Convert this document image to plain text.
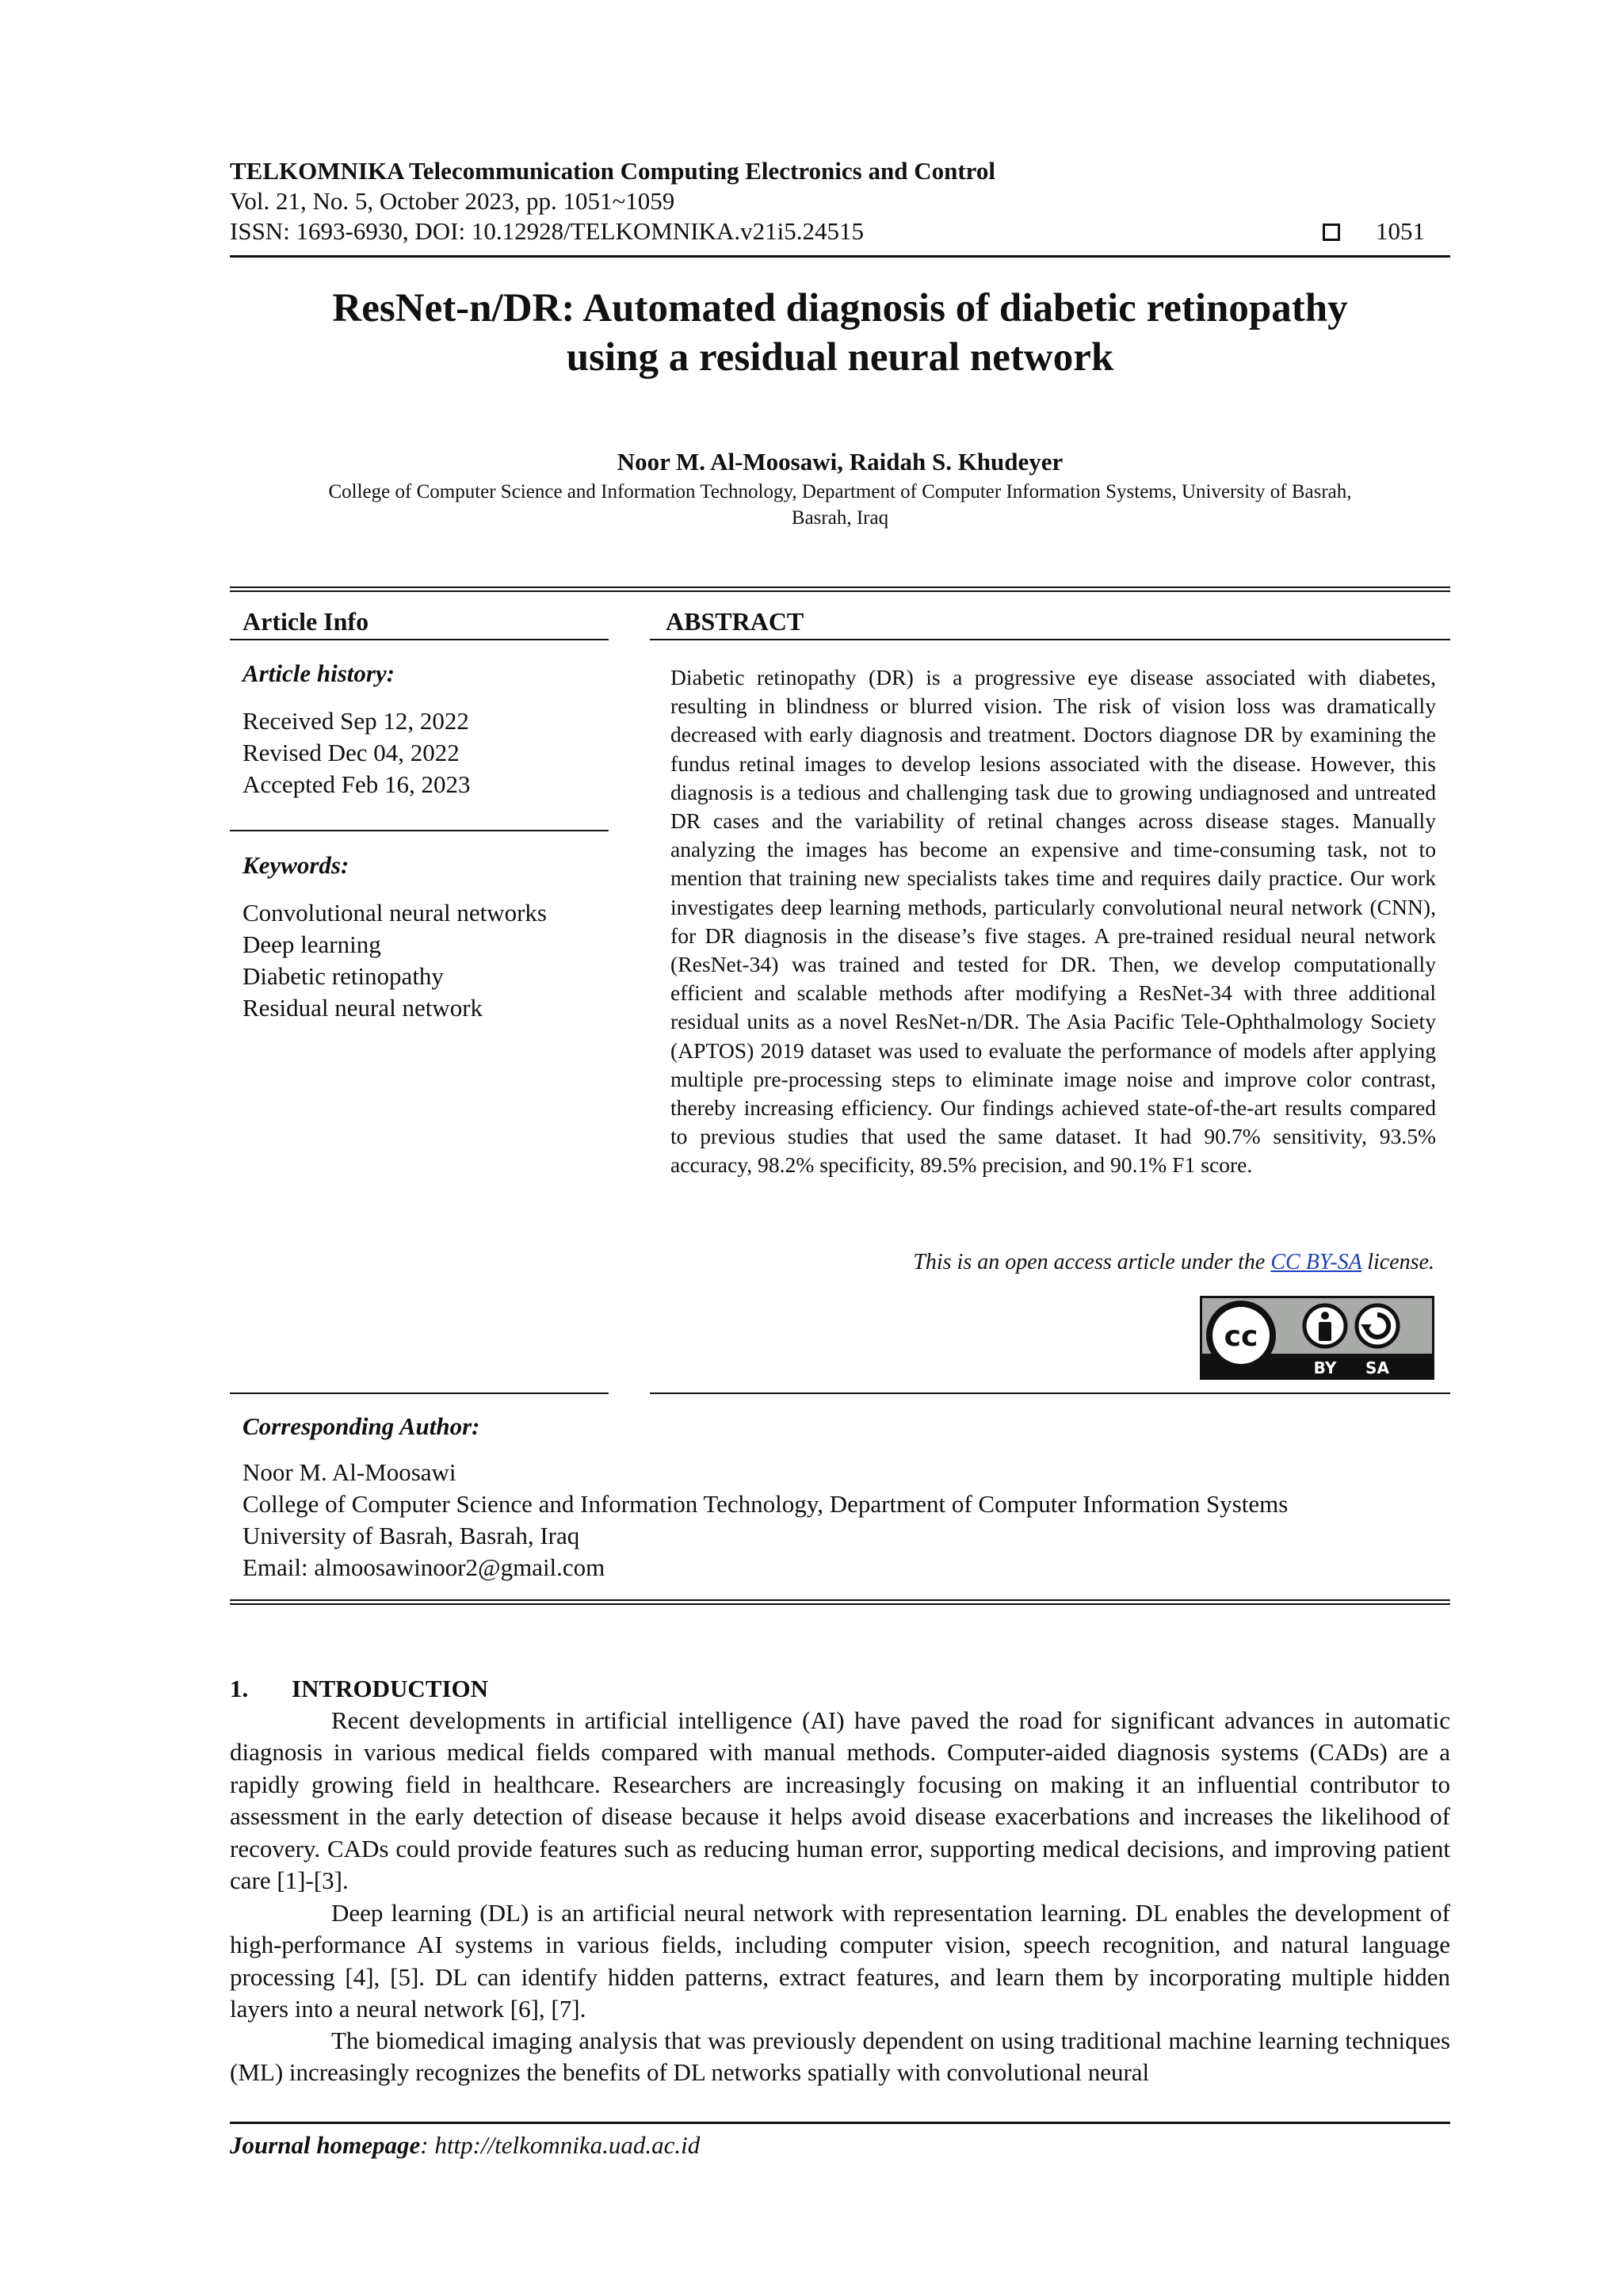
TELKOMNIKA Telecommunication Computing Electronics and Control
Vol. 21, No. 5, October 2023, pp. 1051~1059
ISSN: 1693-6930, DOI: 10.12928/TELKOMNIKA.v21i5.24515	1051
ResNet-n/DR: Automated diagnosis of diabetic retinopathy
using a residual neural network
Noor M. Al-Moosawi, Raidah S. Khudeyer
College of Computer Science and Information Technology, Department of Computer Information Systems, University of Basrah,
Basrah, Iraq
Article Info
Article history:
Received Sep 12, 2022
Revised Dec 04, 2022
Accepted Feb 16, 2023
Keywords:
Convolutional neural networks
Deep learning
Diabetic retinopathy
Residual neural network
ABSTRACT
Diabetic retinopathy (DR) is a progressive eye disease associated with diabetes, resulting in blindness or blurred vision. The risk of vision loss was dramatically decreased with early diagnosis and treatment. Doctors diagnose DR by examining the fundus retinal images to develop lesions associated with the disease. However, this diagnosis is a tedious and challenging task due to growing undiagnosed and untreated DR cases and the variability of retinal changes across disease stages. Manually analyzing the images has become an expensive and time-consuming task, not to mention that training new specialists takes time and requires daily practice. Our work investigates deep learning methods, particularly convolutional neural network (CNN), for DR diagnosis in the disease’s five stages. A pre-trained residual neural network (ResNet-34) was trained and tested for DR. Then, we develop computationally efficient and scalable methods after modifying a ResNet-34 with three additional residual units as a novel ResNet-n/DR. The Asia Pacific Tele-Ophthalmology Society (APTOS) 2019 dataset was used to evaluate the performance of models after applying multiple pre-processing steps to eliminate image noise and improve color contrast, thereby increasing efficiency. Our findings achieved state-of-the-art results compared to previous studies that used the same dataset. It had 90.7% sensitivity, 93.5% accuracy, 98.2% specificity, 89.5% precision, and 90.1% F1 score.
This is an open access article under the CC BY-SA license.
cc
BY SA
Corresponding Author:
Noor M. Al-Moosawi
College of Computer Science and Information Technology, Department of Computer Information Systems
University of Basrah, Basrah, Iraq
Email: almoosawinoor2@gmail.com
1. INTRODUCTION
Recent developments in artificial intelligence (AI) have paved the road for significant advances in automatic diagnosis in various medical fields compared with manual methods. Computer-aided diagnosis systems (CADs) are a rapidly growing field in healthcare. Researchers are increasingly focusing on making it an influential contributor to assessment in the early detection of disease because it helps avoid disease exacerbations and increases the likelihood of recovery. CADs could provide features such as reducing human error, supporting medical decisions, and improving patient care [1]-[3].
Deep learning (DL) is an artificial neural network with representation learning. DL enables the development of high-performance AI systems in various fields, including computer vision, speech recognition, and natural language processing [4], [5]. DL can identify hidden patterns, extract features, and learn them by incorporating multiple hidden layers into a neural network [6], [7].
The biomedical imaging analysis that was previously dependent on using traditional machine learning techniques (ML) increasingly recognizes the benefits of DL networks spatially with convolutional neural
Journal homepage: http://telkomnika.uad.ac.id
